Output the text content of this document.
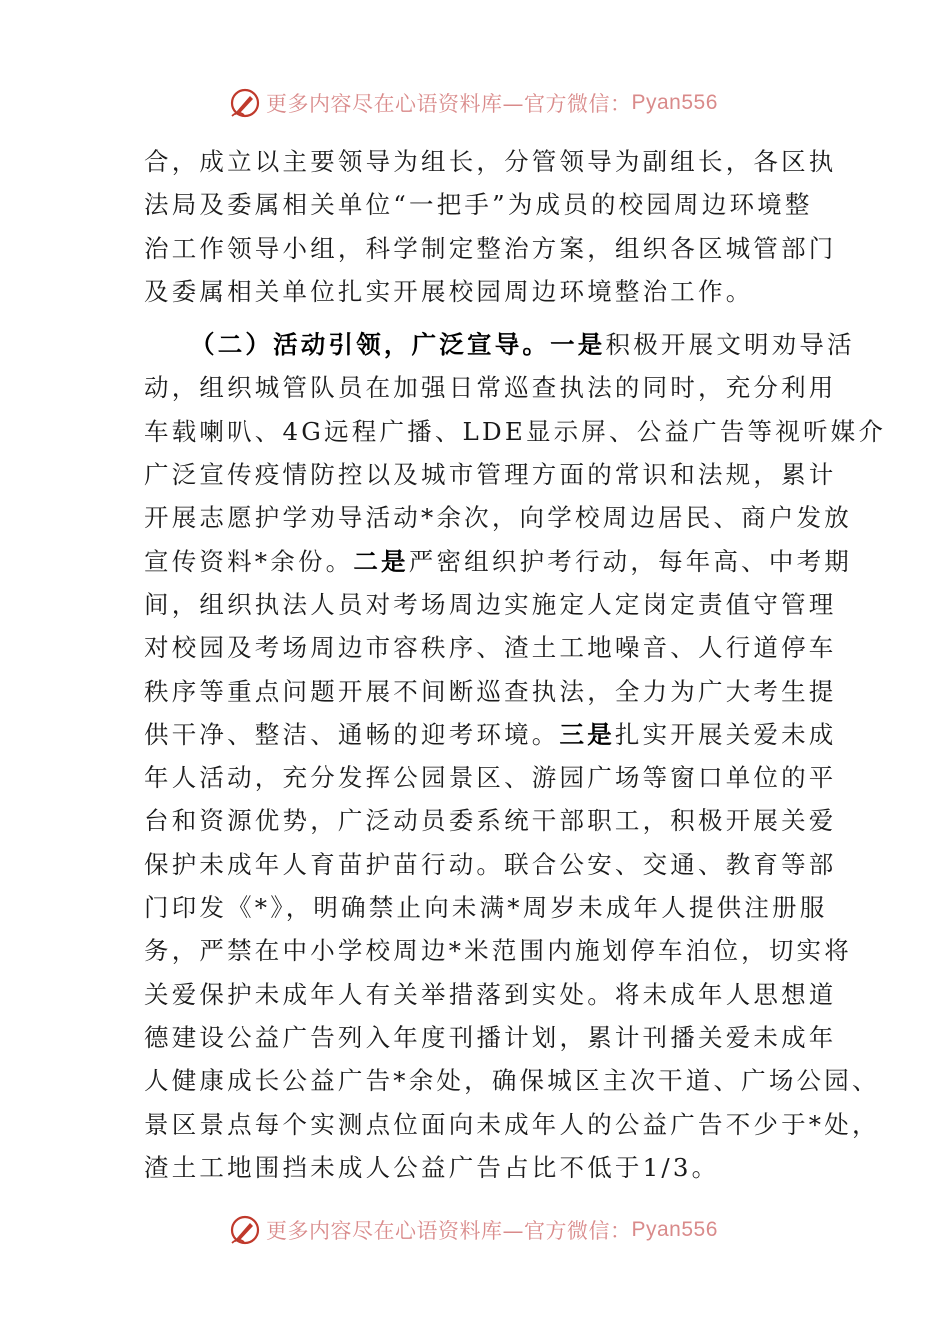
更多内容尽在心语资料库—官方微信： Pyan556

合，成立以主要领导为组长，分管领导为副组长，各区执
法局及委属相关单位“一把手”为成员的校园周边环境整
治工作领导小组，科学制定整治方案，组织各区城管部门
及委属相关单位扎实开展校园周边环境整治工作。

（二）活动引领，广泛宣导。一是积极开展文明劝导活
动，组织城管队员在加强日常巡查执法的同时，充分利用
车载喇叭、4G远程广播、LDE显示屏、公益广告等视听媒介
广泛宣传疫情防控以及城市管理方面的常识和法规，累计
开展志愿护学劝导活动*余次，向学校周边居民、商户发放
宣传资料*余份。二是严密组织护考行动，每年高、中考期
间，组织执法人员对考场周边实施定人定岗定责值守管理
对校园及考场周边市容秩序、渣土工地噪音、人行道停车
秩序等重点问题开展不间断巡查执法，全力为广大考生提
供干净、整洁、通畅的迎考环境。三是扎实开展关爱未成
年人活动，充分发挥公园景区、游园广场等窗口单位的平
台和资源优势，广泛动员委系统干部职工，积极开展关爱
保护未成年人育苗护苗行动。联合公安、交通、教育等部
门印发《*》，明确禁止向未满*周岁未成年人提供注册服
务，严禁在中小学校周边*米范围内施划停车泊位，切实将
关爱保护未成年人有关举措落到实处。将未成年人思想道
德建设公益广告列入年度刊播计划，累计刊播关爱未成年
人健康成长公益广告*余处，确保城区主次干道、广场公园、
景区景点每个实测点位面向未成年人的公益广告不少于*处，
渣土工地围挡未成人公益广告占比不低于1/3。

更多内容尽在心语资料库—官方微信： Pyan556
